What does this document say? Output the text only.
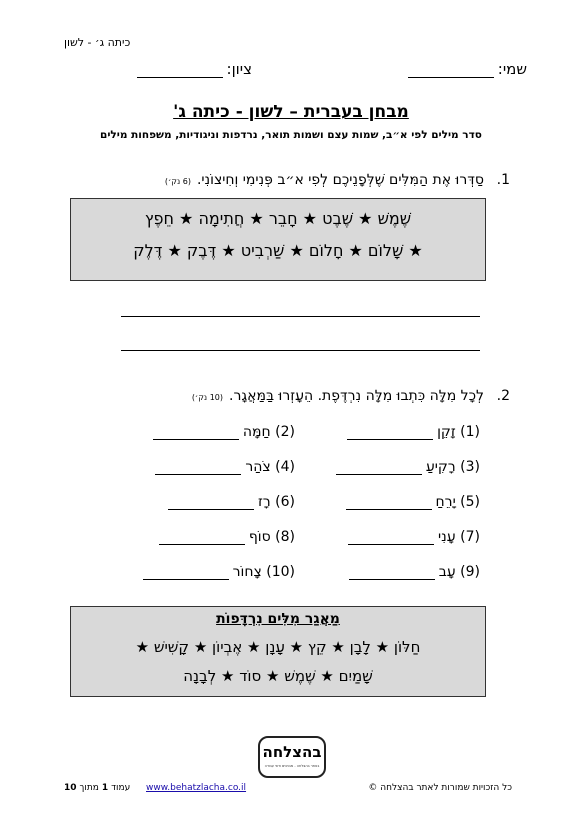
כיתה ג׳ - לשון
שמי:
ציון:
מבחן בעברית – לשון - כיתה ג'
סדר מילים לפי א״ב, שמות עצם ושמות תואר, נרדפות וניגודיות, משפחות מילים
1.
סַדְּרוּ אֶת הַמִּלִּים שֶׁלְּפָנֵיכֶם לְפִי א״ב פְּנִימִי וְחִיצוֹנִי.
(6 נק׳)
שֶׁמֶשׁ ★ שֶׁבֶט ★ חָבֵר ★ חֲתִימָה ★ חֵפֶץ
★ שָׁלוֹם ★ חָלוֹם ★ שַׁרְבִיט ★ דֶּבֶק ★ דֶּלֶק
2.
לְכָל מִלָּה כִּתְבוּ מִלָּה נִרְדֶּפֶת. הֵעָזְרוּ בַּמַּאֲגָר.
(10 נק׳)
(1) זָקֵן
(3) רָקִיעַ
(5) יָרֵחַ
(7) עָנִי
(9) עָב
(2) חַמָּה
(4) צֹהַר
(6) רָז
(8) סוֹף
(10) צָחוֹר
מַאֲגַר מִלִּים נִרְדָּפוֹת
חַלּוֹן ★ לָבָן ★ קֵץ ★ עָנָן ★ אֶבְיוֹן ★ קָשִׁישׁ ★
שָׁמַיִם ★ שֶׁמֶשׁ ★ סוֹד ★ לְבָנָה
בהצלחה
באתר בהצלחה - מבחנים ודפי עבודה
כל הזכויות שמורות לאתר בהצלחה ©
עמוד
1
מתוך
10	www.behatzlacha.co.il
